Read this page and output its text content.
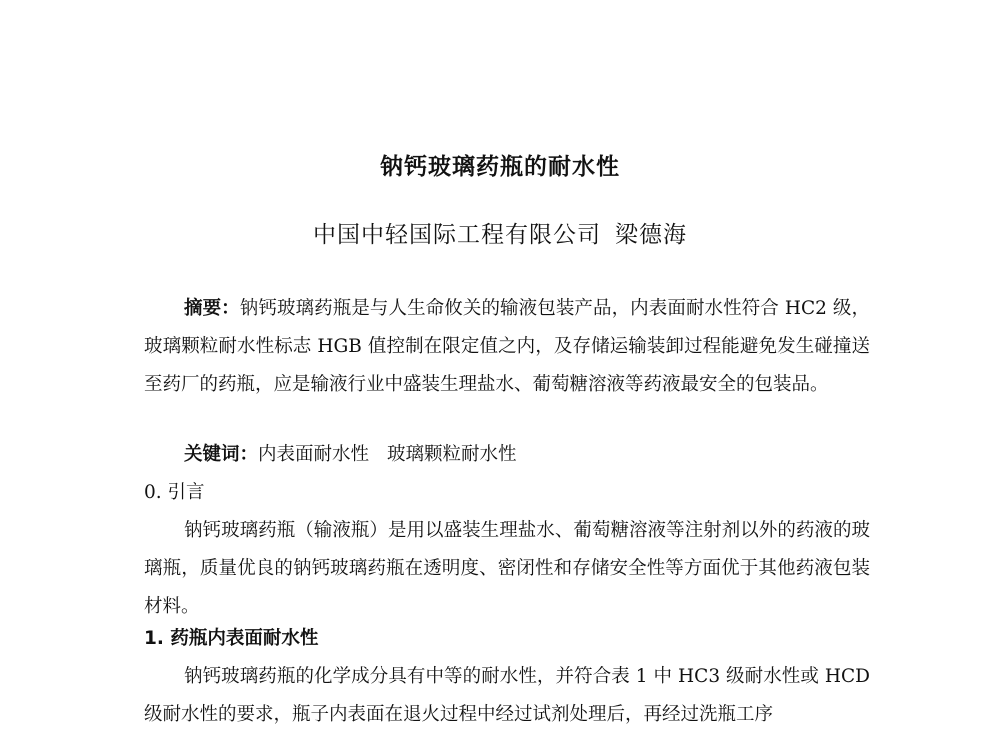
钠钙玻璃药瓶的耐水性
中国中轻国际工程有限公司 梁德海

摘要：钠钙玻璃药瓶是与人生命攸关的输液包装产品，内表面耐水性符合 HC2 级，玻璃颗粒耐水性标志 HGB 值控制在限定值之内，及存储运输装卸过程能避免发生碰撞送至药厂的药瓶，应是输液行业中盛装生理盐水、葡萄糖溶液等药液最安全的包装品。

关键词：内表面耐水性 玻璃颗粒耐水性

0. 引言

钠钙玻璃药瓶（输液瓶）是用以盛装生理盐水、葡萄糖溶液等注射剂以外的药液的玻璃瓶，质量优良的钠钙玻璃药瓶在透明度、密闭性和存储安全性等方面优于其他药液包装材料。

1. 药瓶内表面耐水性

钠钙玻璃药瓶的化学成分具有中等的耐水性，并符合表 1 中 HC3 级耐水性或 HCD 级耐水性的要求，瓶子内表面在退火过程中经过试剂处理后，再经过洗瓶工序
